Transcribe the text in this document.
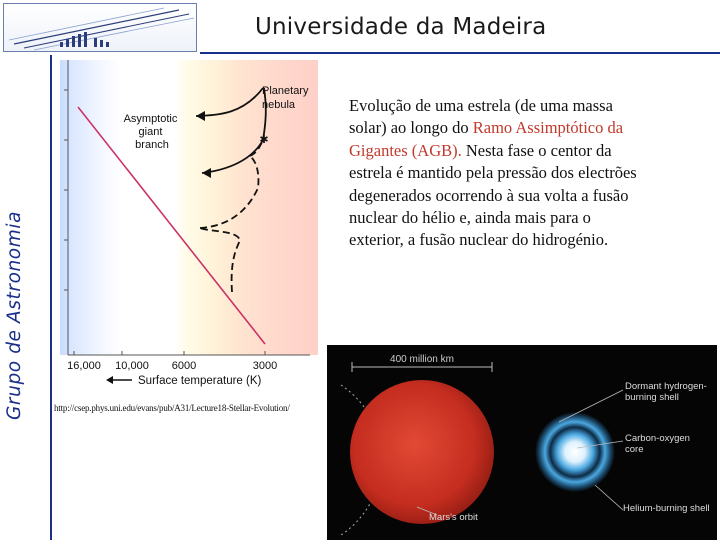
Universidade da Madeira
Grupo de Astronomia
✱
Planetary nebula
Asymptotic giant branch
16,000 10,000 6000	3000
Surface temperature (K)
http://csep.phys.uni.edu/evans/pub/A31/Lecture18-Stellar-Evolution/
Evolução de uma estrela (de uma massa solar) ao longo do Ramo Assimptótico da Gigantes (AGB). Nesta fase o centor da estrela é mantido pela pressão dos electrões degenerados ocorrendo à sua volta a fusão nuclear do hélio e, ainda mais para o exterior, a fusão nuclear do hidrogénio.
400 million km
Dormant hydrogen- burning shell
Carbon-oxygen core
Helium-burning shell
Mars's orbit
